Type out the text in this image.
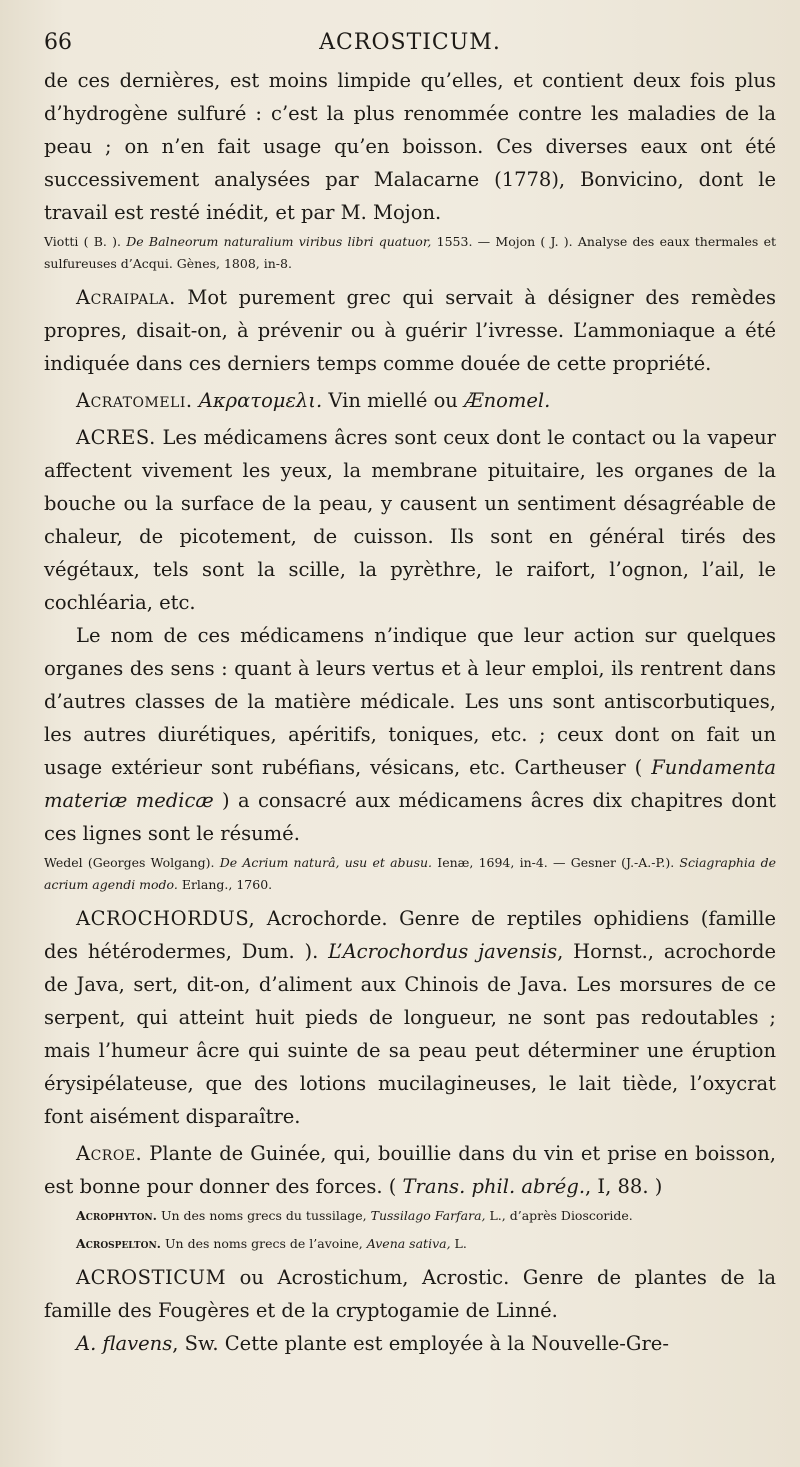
66	ACROSTICUM.

de ces dernières, est moins limpide qu’elles, et contient deux fois plus d’hydrogène sulfuré : c’est la plus renommée contre les maladies de la peau ; on n’en fait usage qu’en boisson. Ces diverses eaux ont été successivement analysées par Malacarne (1778), Bonvicino, dont le travail est resté inédit, et par M. Mojon.

Viotti ( B. ). De Balneorum naturalium viribus libri quatuor, 1553. — Mojon ( J. ). Analyse des eaux thermales et sulfureuses d’Acqui. Gènes, 1808, in-8.

Acraipala. Mot purement grec qui servait à désigner des remèdes propres, disait-on, à prévenir ou à guérir l’ivresse. L’ammoniaque a été indiquée dans ces derniers temps comme douée de cette propriété.

Acratomeli. Ακρατομελι. Vin miellé ou Ænomel.

ACRES. Les médicamens âcres sont ceux dont le contact ou la vapeur affectent vivement les yeux, la membrane pituitaire, les organes de la bouche ou la surface de la peau, y causent un sentiment désagréable de chaleur, de picotement, de cuisson. Ils sont en général tirés des végétaux, tels sont la scille, la pyrèthre, le raifort, l’ognon, l’ail, le cochléaria, etc.

Le nom de ces médicamens n’indique que leur action sur quelques organes des sens : quant à leurs vertus et à leur emploi, ils rentrent dans d’autres classes de la matière médicale. Les uns sont antiscorbutiques, les autres diurétiques, apéritifs, toniques, etc. ; ceux dont on fait un usage extérieur sont rubéfians, vésicans, etc. Cartheuser ( Fundamenta materiæ medicæ ) a consacré aux médicamens âcres dix chapitres dont ces lignes sont le résumé.

Wedel (Georges Wolgang). De Acrium naturâ, usu et abusu. Ienæ, 1694, in-4. — Gesner (J.-A.-P.). Sciagraphia de acrium agendi modo. Erlang., 1760.

ACROCHORDUS, Acrochorde. Genre de reptiles ophidiens (famille des hétérodermes, Dum. ). L’Acrochordus javensis, Hornst., acrochorde de Java, sert, dit-on, d’aliment aux Chinois de Java. Les morsures de ce serpent, qui atteint huit pieds de longueur, ne sont pas redoutables ; mais l’humeur âcre qui suinte de sa peau peut déterminer une éruption érysipélateuse, que des lotions mucilagineuses, le lait tiède, l’oxycrat font aisément disparaître.

Acroe. Plante de Guinée, qui, bouillie dans du vin et prise en boisson, est bonne pour donner des forces. ( Trans. phil. abrég., I, 88. )

Acrophyton. Un des noms grecs du tussilage, Tussilago Farfara, L., d’après Dioscoride.

Acrospelton. Un des noms grecs de l’avoine, Avena sativa, L.

ACROSTICUM ou Acrostichum, Acrostic. Genre de plantes de la famille des Fougères et de la cryptogamie de Linné.

A. flavens, Sw. Cette plante est employée à la Nouvelle-Gre-
